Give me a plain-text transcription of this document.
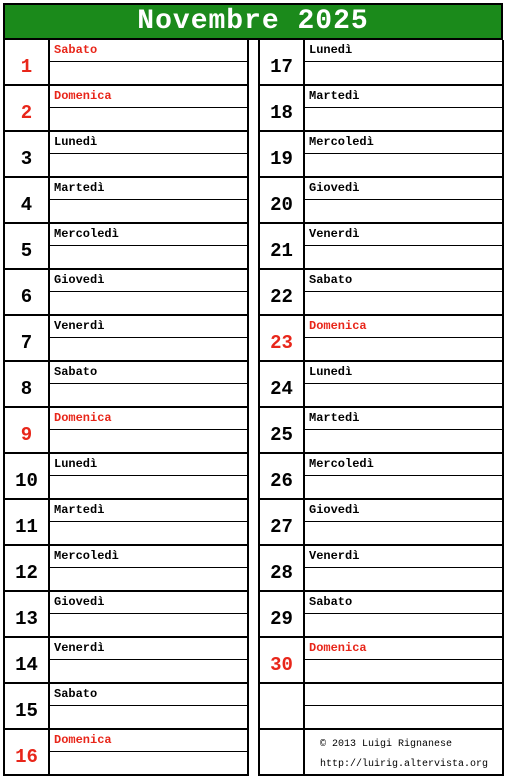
Novembre 2025
1
Sabato
2
Domenica
3
Lunedì
4
Martedì
5
Mercoledì
6
Giovedì
7
Venerdì
8
Sabato
9
Domenica
10
Lunedì
11
Martedì
12
Mercoledì
13
Giovedì
14
Venerdì
15
Sabato
16
Domenica
17
Lunedì
18
Martedì
19
Mercoledì
20
Giovedì
21
Venerdì
22
Sabato
23
Domenica
24
Lunedì
25
Martedì
26
Mercoledì
27
Giovedì
28
Venerdì
29
Sabato
30
Domenica
© 2013 Luigi Rignanese
http://luirig.altervista.org
